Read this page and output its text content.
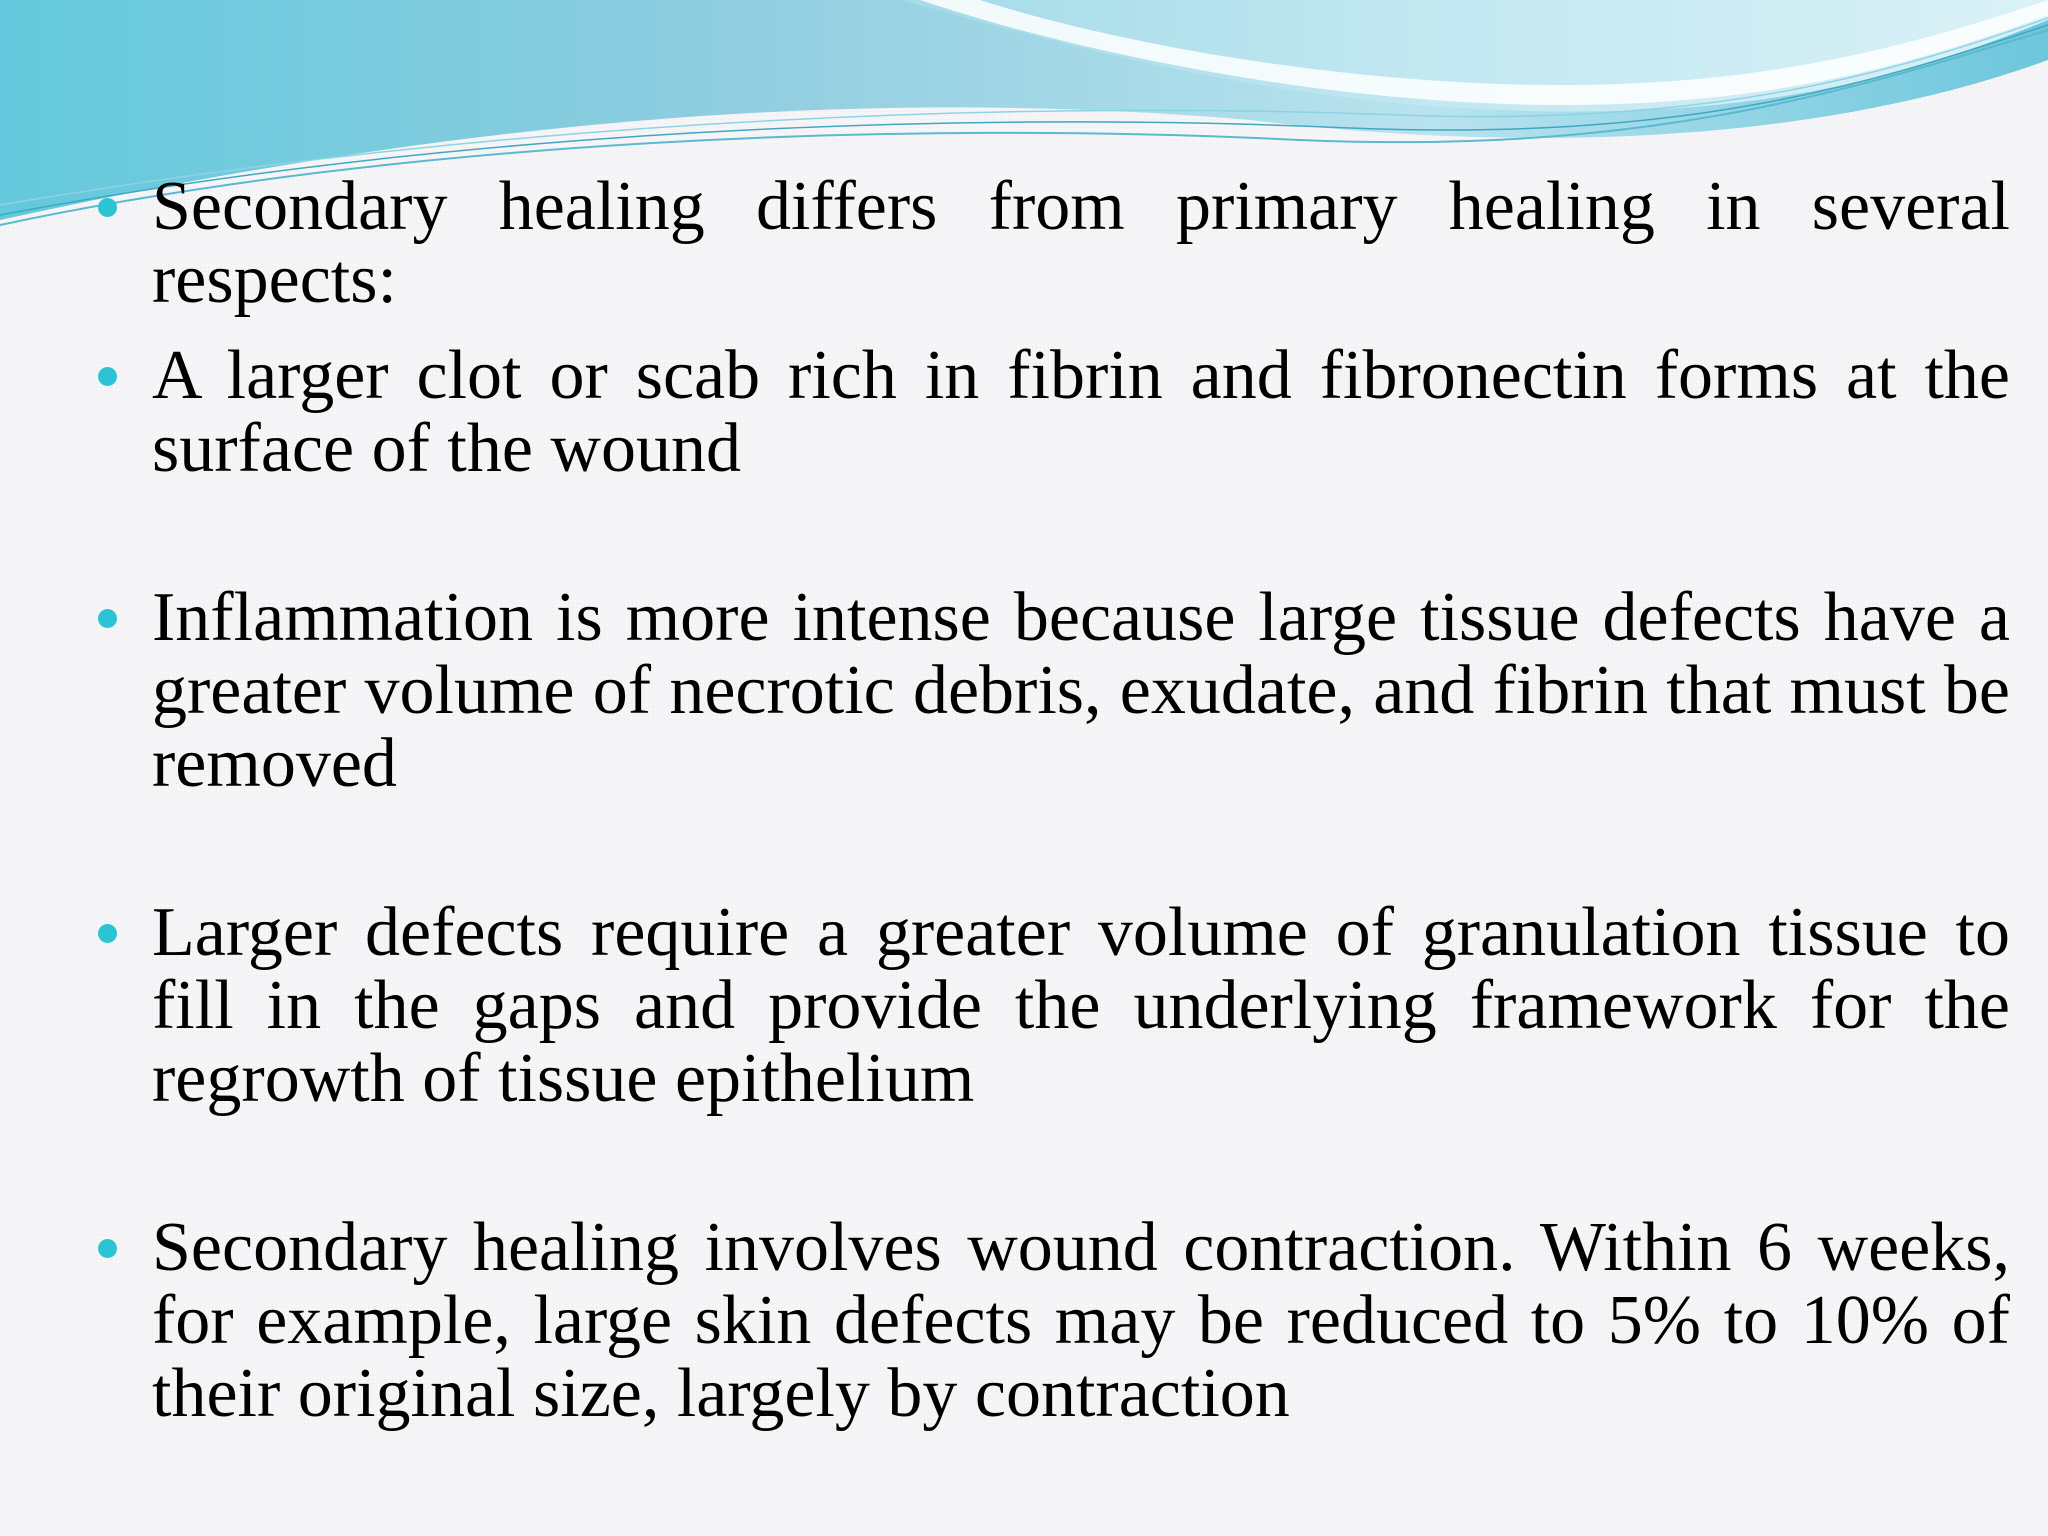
Secondary healing differs from primary healing in several respects:
A larger clot or scab rich in fibrin and fibronectin forms at the surface of the wound
Inflammation is more intense because large tissue defects have a greater volume of necrotic debris, exudate, and fibrin that must be removed
Larger defects require a greater volume of granulation tissue to fill in the gaps and provide the underlying framework for the regrowth of tissue epithelium
Secondary healing involves wound contraction. Within 6 weeks, for example, large skin defects may be reduced to 5% to 10% of their original size, largely by contraction
